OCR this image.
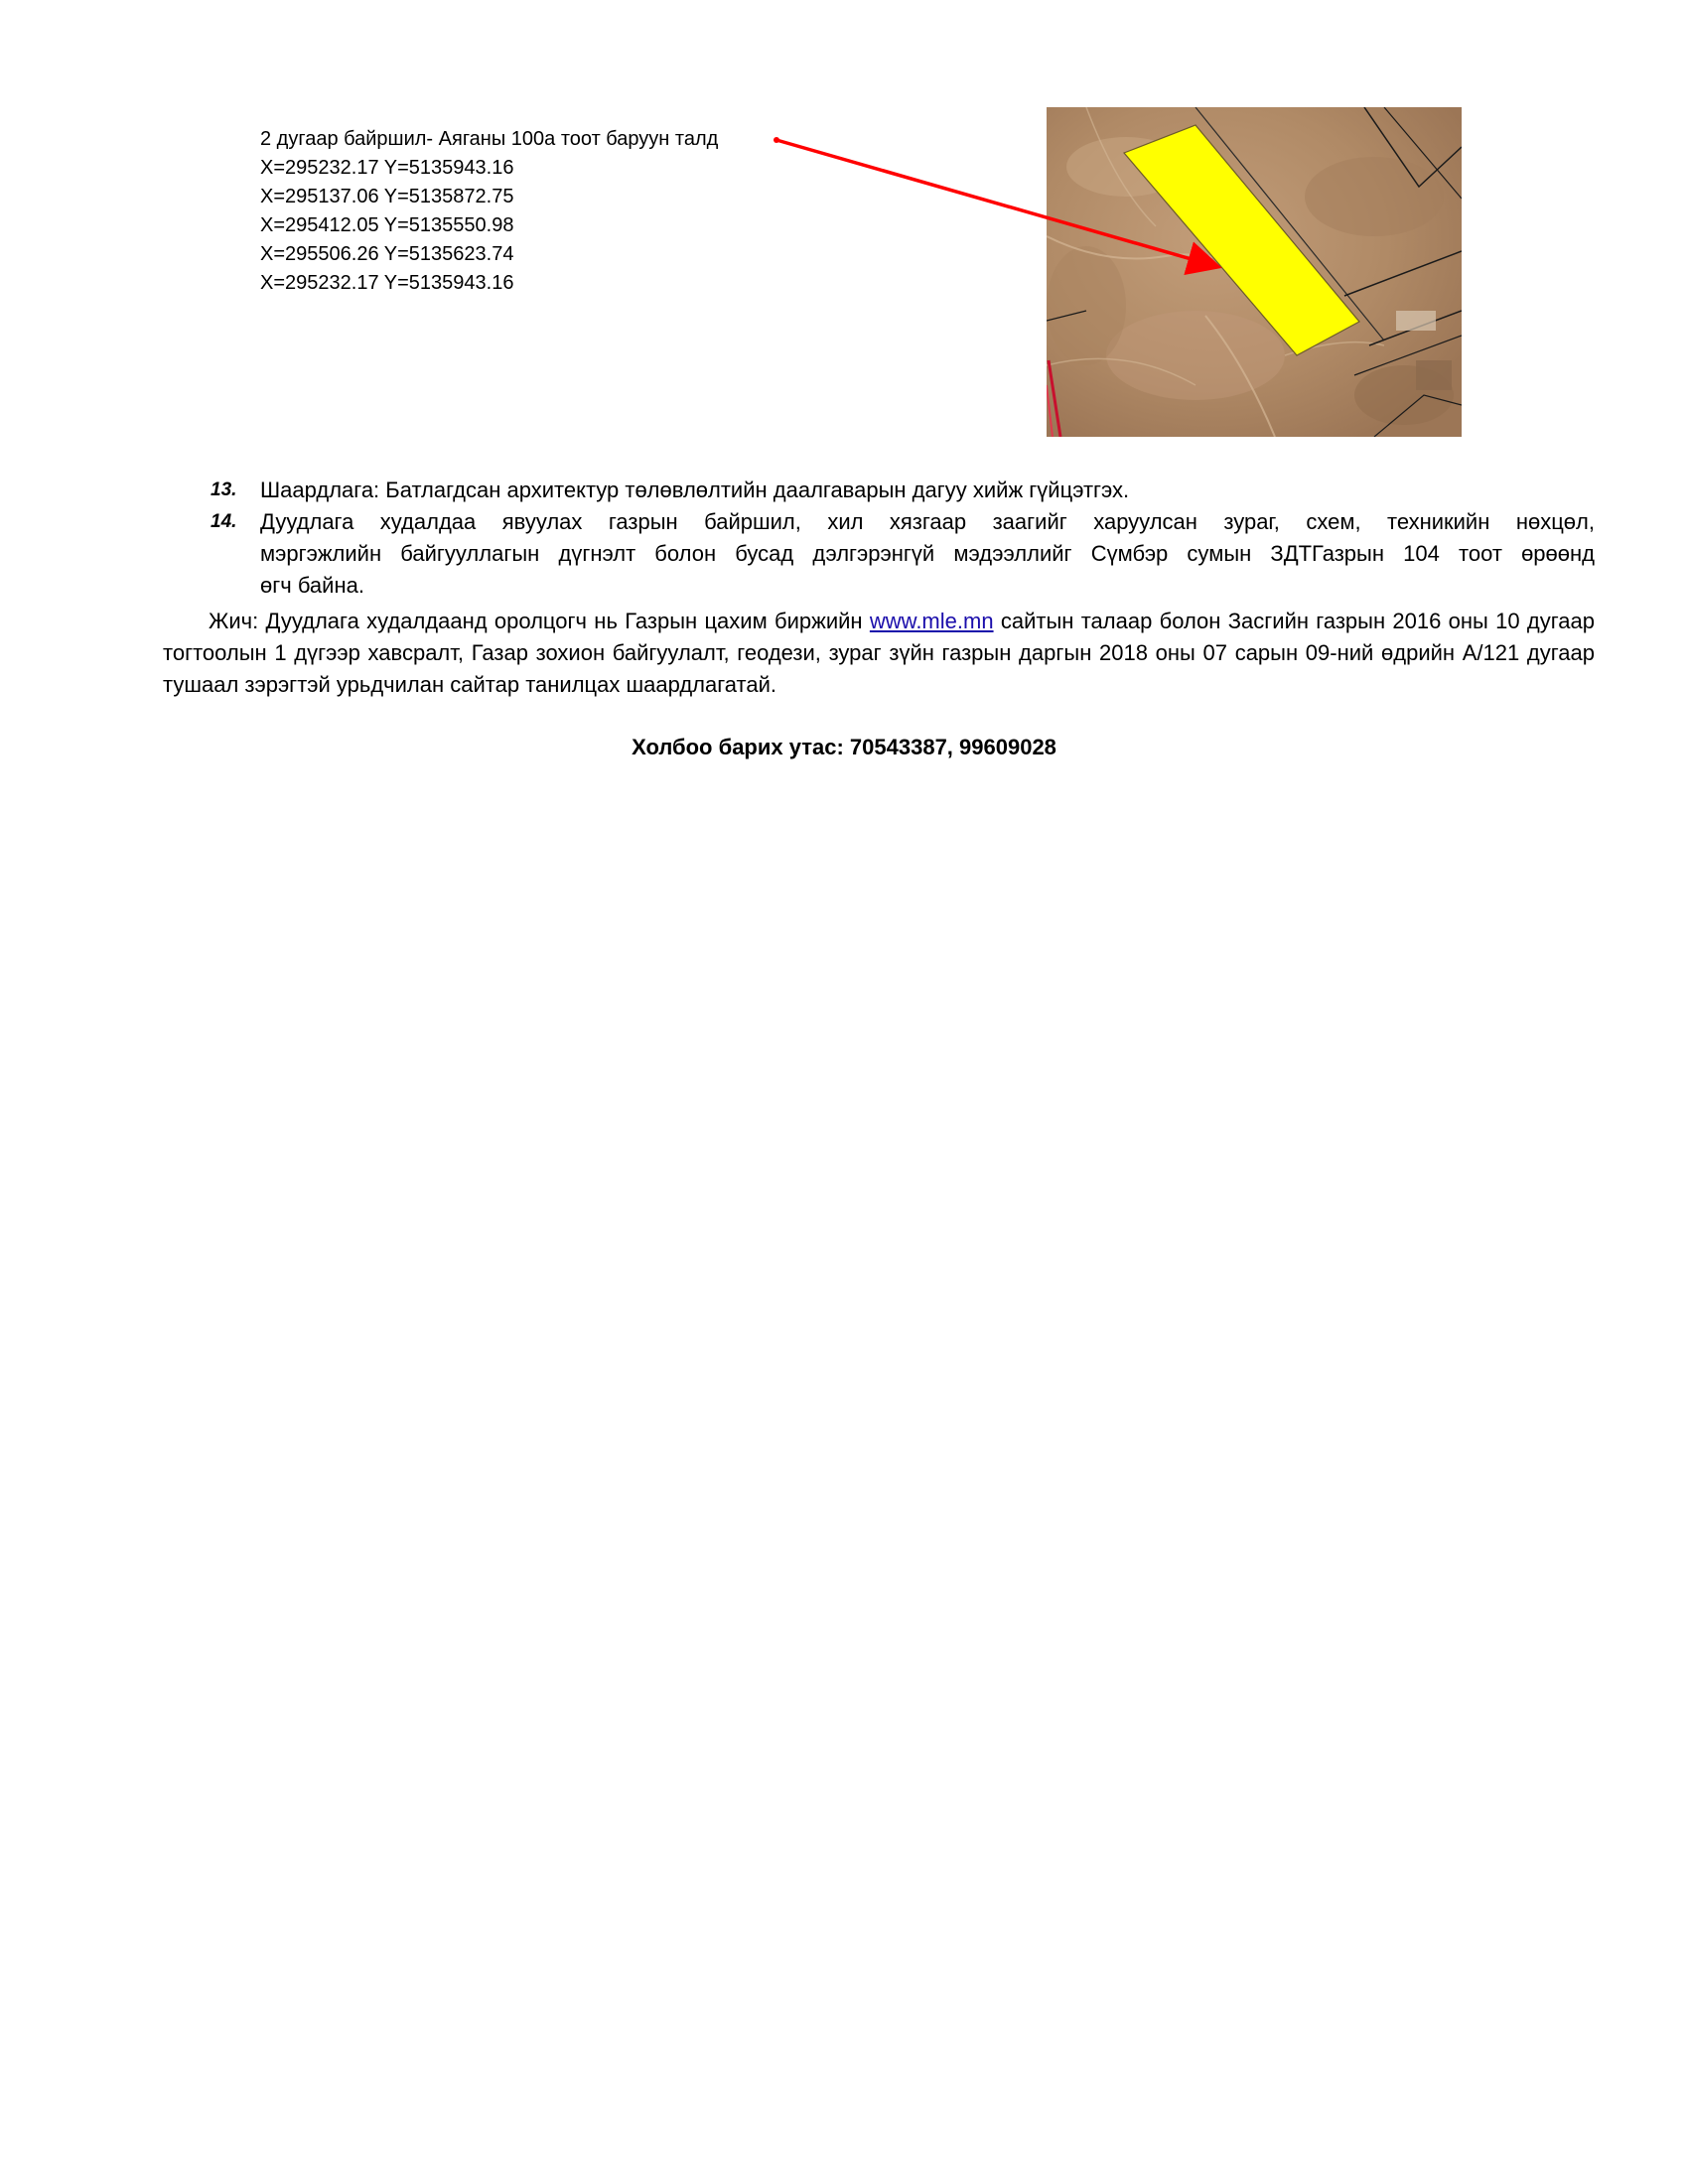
2 дугаар байршил- Аяганы 100а тоот баруун талд
X=295232.17 Y=5135943.16
X=295137.06 Y=5135872.75
X=295412.05 Y=5135550.98
X=295506.26 Y=5135623.74
X=295232.17 Y=5135943.16
13. Шаардлага: Батлагдсан архитектур төлөвлөлтийн даалгаварын дагуу хийж гүйцэтгэх.
14. Дуудлага худалдаа явуулах газрын байршил, хил хязгаар заагийг харуулсан зураг, схем, техникийн нөхцөл,
мэргэжлийн байгууллагын дүгнэлт болон бусад дэлгэрэнгүй мэдээллийг Сүмбэр сумын ЗДТГазрын 104 тоот өрөөнд
өгч байна.
Жич: Дуудлага худалдаанд оролцогч нь Газрын цахим биржийн www.mle.mn сайтын талаар болон Засгийн газрын 2016 оны 10 дугаар тогтоолын 1 дүгээр хавсралт, Газар зохион байгуулалт, геодези, зураг зүйн газрын даргын 2018 оны 07 сарын 09-ний өдрийн А/121 дугаар тушаал зэрэгтэй урьдчилан сайтар танилцах шаардлагатай.
Холбоо барих утас: 70543387, 99609028
